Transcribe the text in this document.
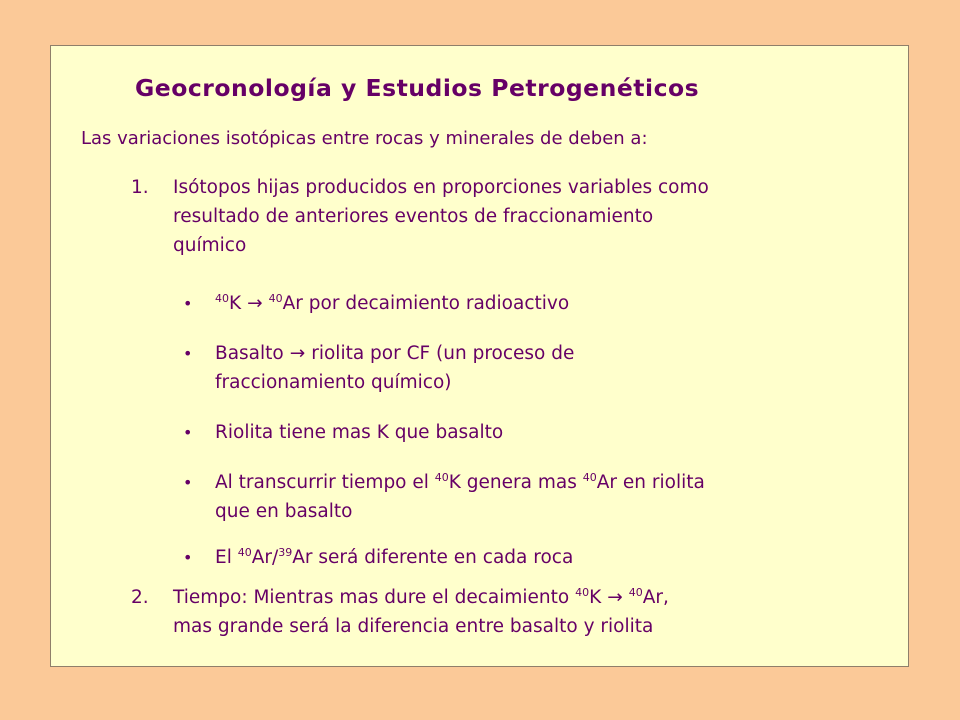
Geocronología y Estudios Petrogenéticos
Las variaciones isotópicas entre rocas y minerales de deben a:
1. Isótopos hijas producidos en proporciones variables como
resultado de anteriores eventos de fraccionamiento
químico
• $^{40}$K → $^{40}$Ar por decaimiento radioactivo
• Basalto → riolita por CF (un proceso de
fraccionamiento químico)
• Riolita tiene mas K que basalto
• Al transcurrir tiempo el $^{40}$K genera mas $^{40}$Ar en riolita
que en basalto
• El $^{40}$Ar/$^{39}$Ar será diferente en cada roca
2. Tiempo: Mientras mas dure el decaimiento $^{40}$K → $^{40}$Ar,
mas grande será la diferencia entre basalto y riolita
